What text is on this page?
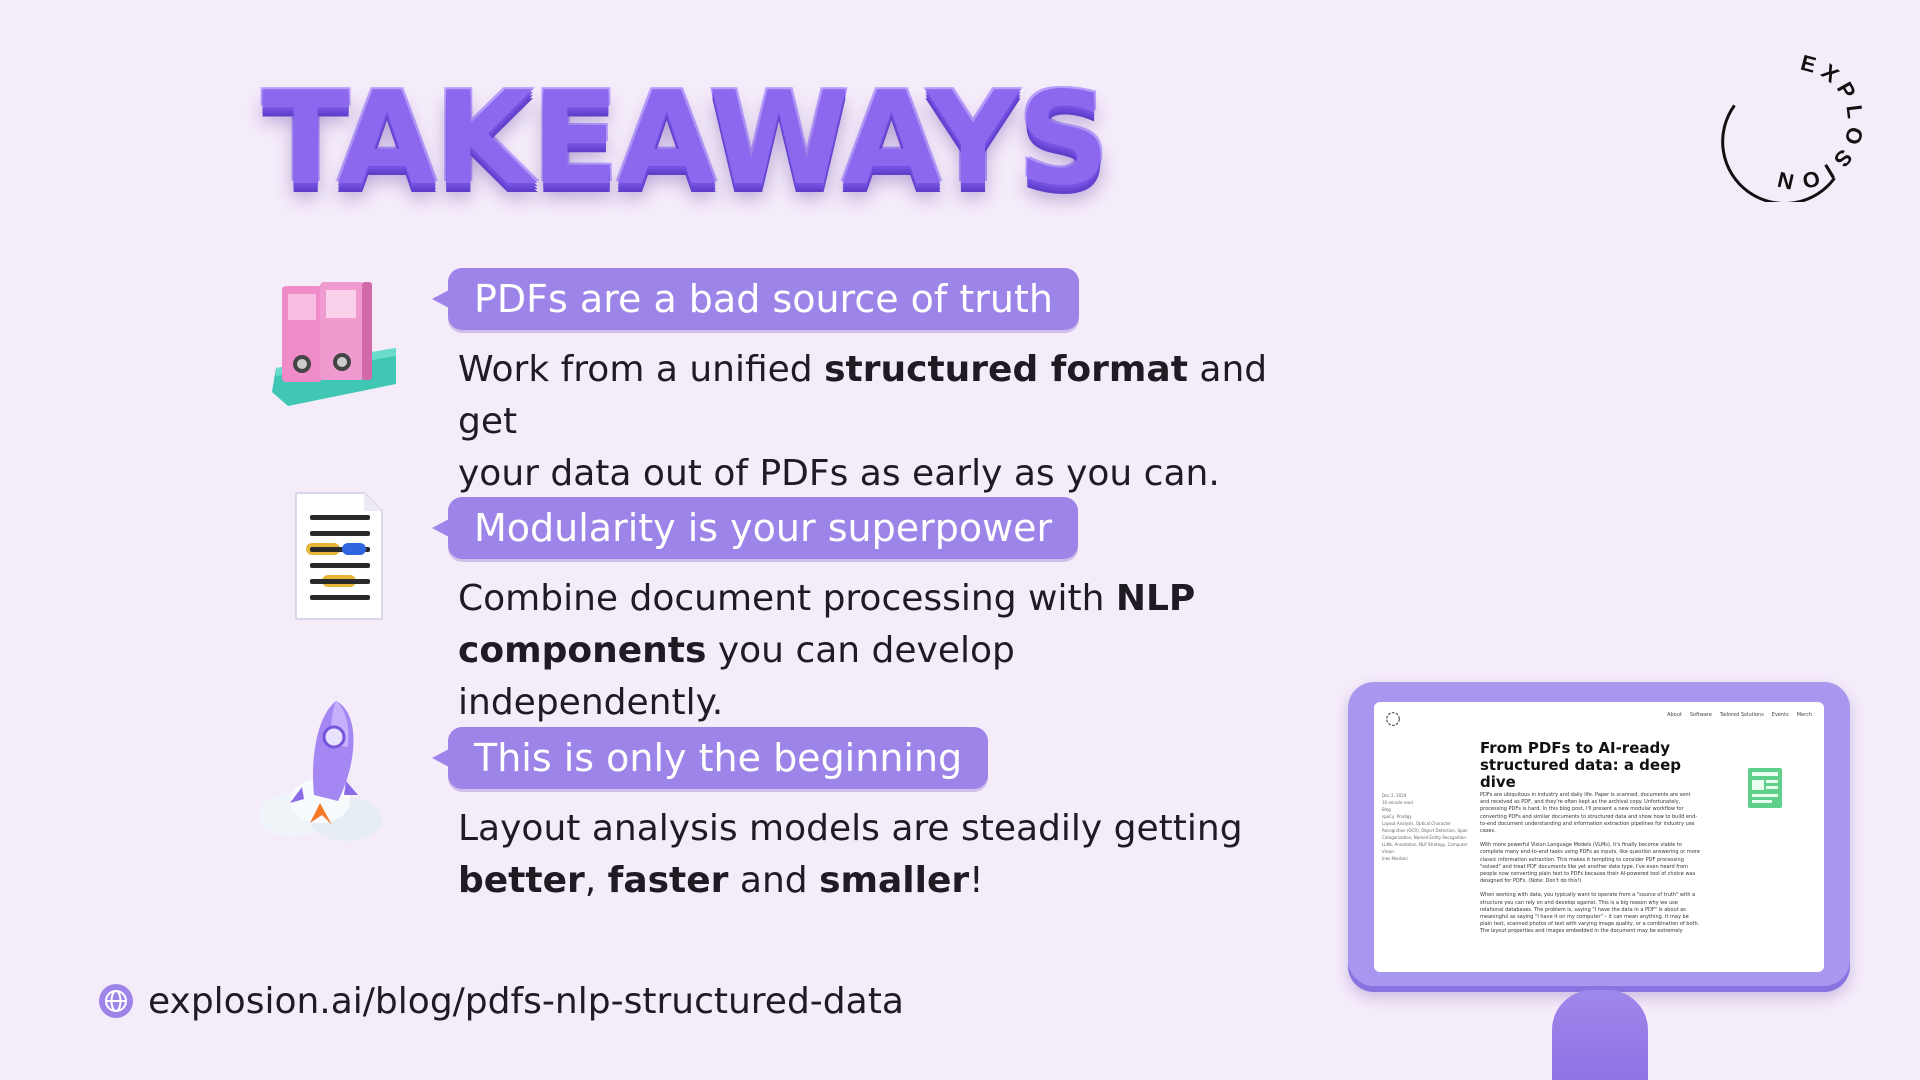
TAKEAWAYS
EXPLOSION
PDFs are a bad source of truth
Work from a unified structured format and get
your data out of PDFs as early as you can.
Modularity is your superpower
Combine document processing with NLP
components you can develop independently.
This is only the beginning
Layout analysis models are steadily getting
better, faster and smaller!
explosion.ai/blog/pdfs-nlp-structured-data
About Software Tailored Solutions Events Merch
From PDFs to AI-ready structured data: a deep dive
Dec 2, 2024
16 minute read
Blog
spaCy, Prodigy
Layout Analysis, Optical Character Recognition (OCR), Object Detection, Span Categorization, Named Entity Recognition
LLMs, Annotation, NLP Strategy, Computer Vision
Ines Montani

PDFs are ubiquitous in industry and daily life. Paper is scanned, documents are sent and received as PDF, and they're often kept as the archival copy. Unfortunately, processing PDFs is hard. In this blog post, I'll present a new modular workflow for converting PDFs and similar documents to structured data and show how to build end-to-end document understanding and information extraction pipelines for industry use cases.

With more powerful Vision Language Models (VLMs), it's finally become viable to complete many end-to-end tasks using PDFs as inputs, like question answering or more classic information extraction. This makes it tempting to consider PDF processing "solved" and treat PDF documents like yet another data type. I've even heard from people now converting plain text to PDFs because their AI-powered tool of choice was designed for PDFs. (Note: Don't do this!)

When working with data, you typically want to operate from a "source of truth" with a structure you can rely on and develop against. This is a big reason why we use relational databases. The problem is, saying "I have the data in a PDF" is about as meaningful as saying "I have it on my computer" – it can mean anything. It may be plain text, scanned photos of text with varying image quality, or a combination of both. The layout properties and images embedded in the document may be extremely
